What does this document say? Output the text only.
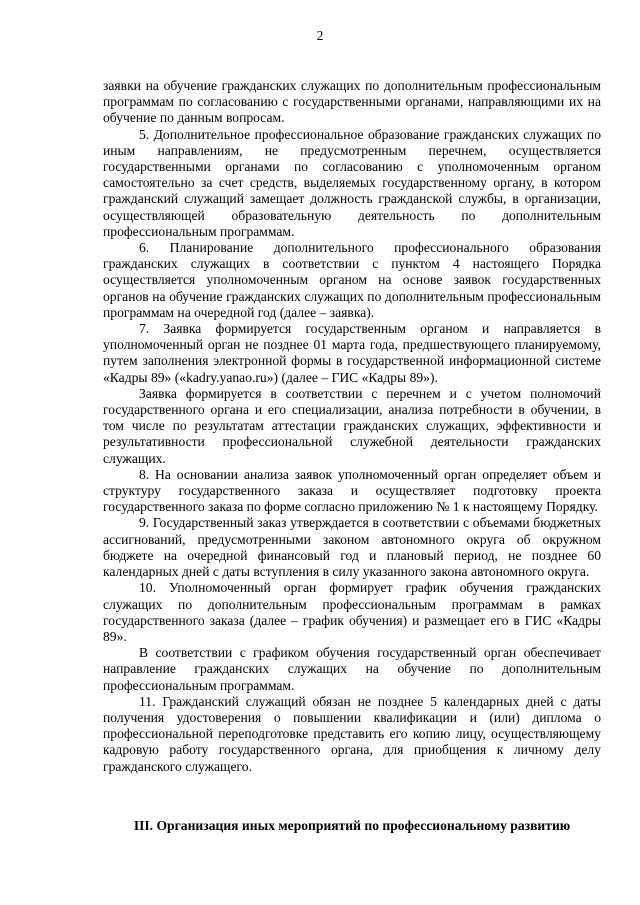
2

заявки на обучение гражданских служащих по дополнительным профессиональным программам по согласованию с государственными органами, направляющими их на обучение по данным вопросам.

5. Дополнительное профессиональное образование гражданских служащих по иным направлениям, не предусмотренным перечнем, осуществляется государственными органами по согласованию с уполномоченным органом самостоятельно за счет средств, выделяемых государственному органу, в котором гражданский служащий замещает должность гражданской службы, в организации, осуществляющей образовательную деятельность по дополнительным профессиональным программам.

6. Планирование дополнительного профессионального образования гражданских служащих в соответствии с пунктом 4 настоящего Порядка осуществляется уполномоченным органом на основе заявок государственных органов на обучение гражданских служащих по дополнительным профессиональным программам на очередной год (далее – заявка).

7. Заявка формируется государственным органом и направляется в уполномоченный орган не позднее 01 марта года, предшествующего планируемому, путем заполнения электронной формы в государственной информационной системе «Кадры 89» («kadry.yanao.ru») (далее – ГИС «Кадры 89»).

Заявка формируется в соответствии с перечнем и с учетом полномочий государственного органа и его специализации, анализа потребности в обучении, в том числе по результатам аттестации гражданских служащих, эффективности и результативности профессиональной служебной деятельности гражданских служащих.

8. На основании анализа заявок уполномоченный орган определяет объем и структуру государственного заказа и осуществляет подготовку проекта государственного заказа по форме согласно приложению № 1 к настоящему Порядку.

9. Государственный заказ утверждается в соответствии с объемами бюджетных ассигнований, предусмотренными законом автономного округа об окружном бюджете на очередной финансовый год и плановый период, не позднее 60 календарных дней с даты вступления в силу указанного закона автономного округа.

10. Уполномоченный орган формирует график обучения гражданских служащих по дополнительным профессиональным программам в рамках государственного заказа (далее – график обучения) и размещает его в ГИС «Кадры 89».

В соответствии с графиком обучения государственный орган обеспечивает направление гражданских служащих на обучение по дополнительным профессиональным программам.

11. Гражданский служащий обязан не позднее 5 календарных дней с даты получения удостоверения о повышении квалификации и (или) диплома о профессиональной переподготовке представить его копию лицу, осуществляющему кадровую работу государственного органа, для приобщения к личному делу гражданского служащего.

III. Организация иных мероприятий по профессиональному развитию
